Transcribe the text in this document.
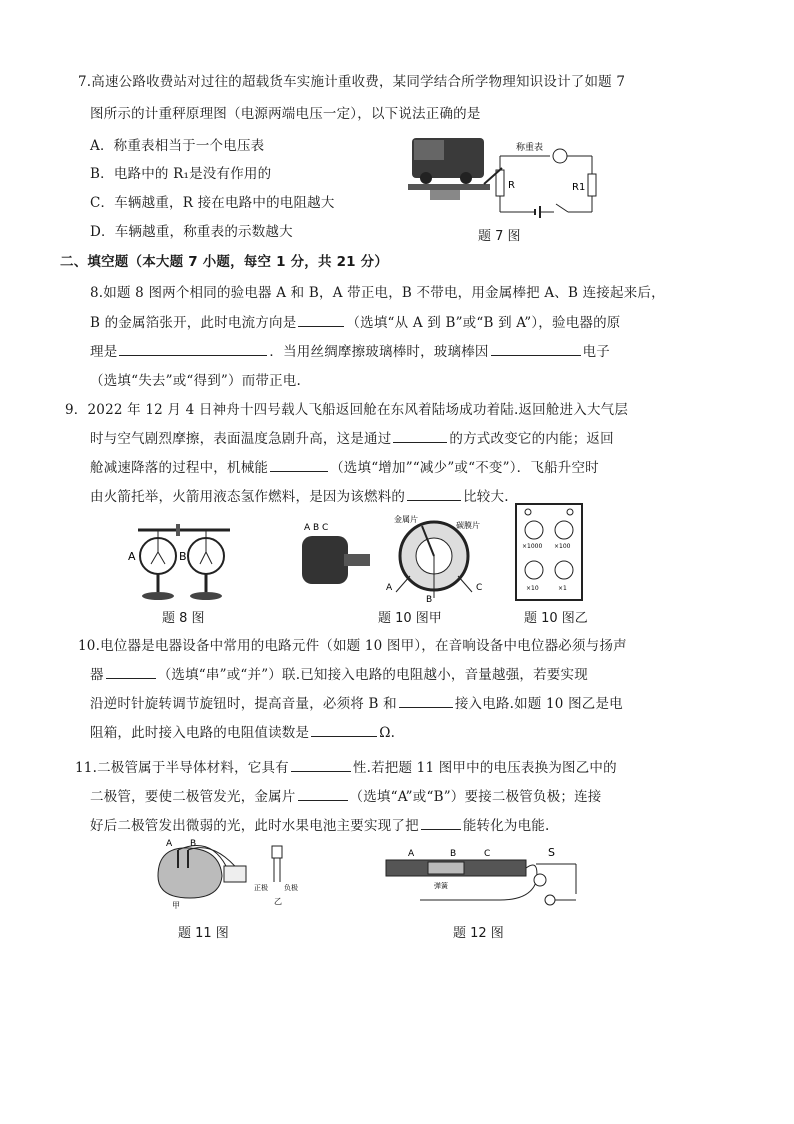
7.高速公路收费站对过往的超载货车实施计重收费，某同学结合所学物理知识设计了如题 7
图所示的计重秤原理图（电源两端电压一定），以下说法正确的是
A．称重表相当于一个电压表
B．电路中的 R₁是没有作用的
C．车辆越重，R 接在电路中的电阻越大
D．车辆越重，称重表的示数越大
R
称重表
R1
题 7 图
二、填空题（本大题 7 小题，每空 1 分，共 21 分）
8.如题 8 图两个相同的验电器 A 和 B，A 带正电，B 不带电，用金属棒把 A、B 连接起来后，
B 的金属箔张开，此时电流方向是	（选填“从 A 到 B”或“B 到 A”），验电器的原
理是	．当用丝绸摩擦玻璃棒时，玻璃棒因	电子
（选填“失去”或“得到”）而带正电.
9．2022 年 12 月 4 日神舟十四号载人飞船返回舱在东风着陆场成功着陆.返回舱进入大气层
时与空气剧烈摩擦，表面温度急剧升高，这是通过	的方式改变它的内能；返回
舱减速降落的过程中，机械能	（选填“增加”“减少”或“不变”）．飞船升空时
由火箭托举，火箭用液态氢作燃料，是因为该燃料的	比较大.
A	B
题 8 图
A B C
金属片
碳膜片
A
B
C
题 10 图甲
×1000 ×100
×10	×1
题 10 图乙
10.电位器是电器设备中常用的电路元件（如题 10 图甲），在音响设备中电位器必须与扬声
器	（选填“串”或“并”）联.已知接入电路的电阻越小，音量越强，若要实现
沿逆时针旋转调节旋钮时，提高音量，必须将 B 和	接入电路.如题 10 图乙是电
阻箱，此时接入电路的电阻值读数是	Ω.
11.二极管属于半导体材料，它具有	性.若把题 11 图甲中的电压表换为图乙中的
二极管，要使二极管发光，金属片	（选填“A”或“B”）要接二极管负极；连接
好后二极管发出微弱的光，此时水果电池主要实现了把	能转化为电能.
A B
甲
正极 负极
乙
题 11 图
A	B	C
弹簧
S
题 12 图
